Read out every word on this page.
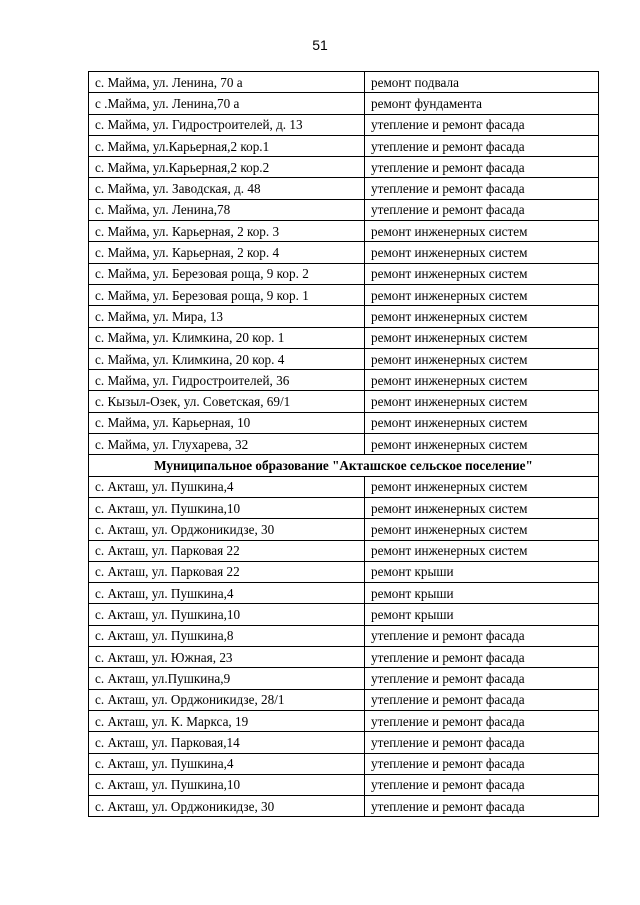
51
с. Майма, ул. Ленина, 70 а	ремонт подвала
с .Майма, ул. Ленина,70 а	ремонт фундамента
с. Майма, ул. Гидростроителей, д. 13	утепление и ремонт фасада
с. Майма, ул.Карьерная,2 кор.1	утепление и ремонт фасада
с. Майма, ул.Карьерная,2 кор.2	утепление и ремонт фасада
с. Майма, ул. Заводская, д. 48	утепление и ремонт фасада
с. Майма, ул. Ленина,78	утепление и ремонт фасада
с. Майма, ул. Карьерная, 2 кор. 3	ремонт инженерных систем
с. Майма, ул. Карьерная, 2 кор. 4	ремонт инженерных систем
с. Майма, ул. Березовая роща, 9 кор. 2	ремонт инженерных систем
с. Майма, ул. Березовая роща, 9 кор. 1	ремонт инженерных систем
с. Майма, ул. Мира, 13	ремонт инженерных систем
с. Майма, ул. Климкина, 20 кор. 1	ремонт инженерных систем
с. Майма, ул. Климкина, 20 кор. 4	ремонт инженерных систем
с. Майма, ул. Гидростроителей, 36	ремонт инженерных систем
с. Кызыл-Озек, ул. Советская, 69/1	ремонт инженерных систем
с. Майма, ул. Карьерная, 10	ремонт инженерных систем
с. Майма, ул. Глухарева, 32	ремонт инженерных систем
Муниципальное образование "Акташское сельское поселение"	
с. Акташ, ул. Пушкина,4	ремонт инженерных систем
с. Акташ, ул. Пушкина,10	ремонт инженерных систем
с. Акташ, ул. Орджоникидзе, 30	ремонт инженерных систем
с. Акташ, ул. Парковая 22	ремонт инженерных систем
с. Акташ, ул. Парковая 22	ремонт крыши
с. Акташ, ул. Пушкина,4	ремонт крыши
с. Акташ, ул. Пушкина,10	ремонт крыши
с. Акташ, ул. Пушкина,8	утепление и ремонт фасада
с. Акташ, ул. Южная, 23	утепление и ремонт фасада
с. Акташ, ул.Пушкина,9	утепление и ремонт фасада
с. Акташ, ул. Орджоникидзе, 28/1	утепление и ремонт фасада
с. Акташ, ул. К. Маркса, 19	утепление и ремонт фасада
с. Акташ, ул. Парковая,14	утепление и ремонт фасада
с. Акташ, ул. Пушкина,4	утепление и ремонт фасада
с. Акташ, ул. Пушкина,10	утепление и ремонт фасада
с. Акташ, ул. Орджоникидзе, 30	утепление и ремонт фасада
